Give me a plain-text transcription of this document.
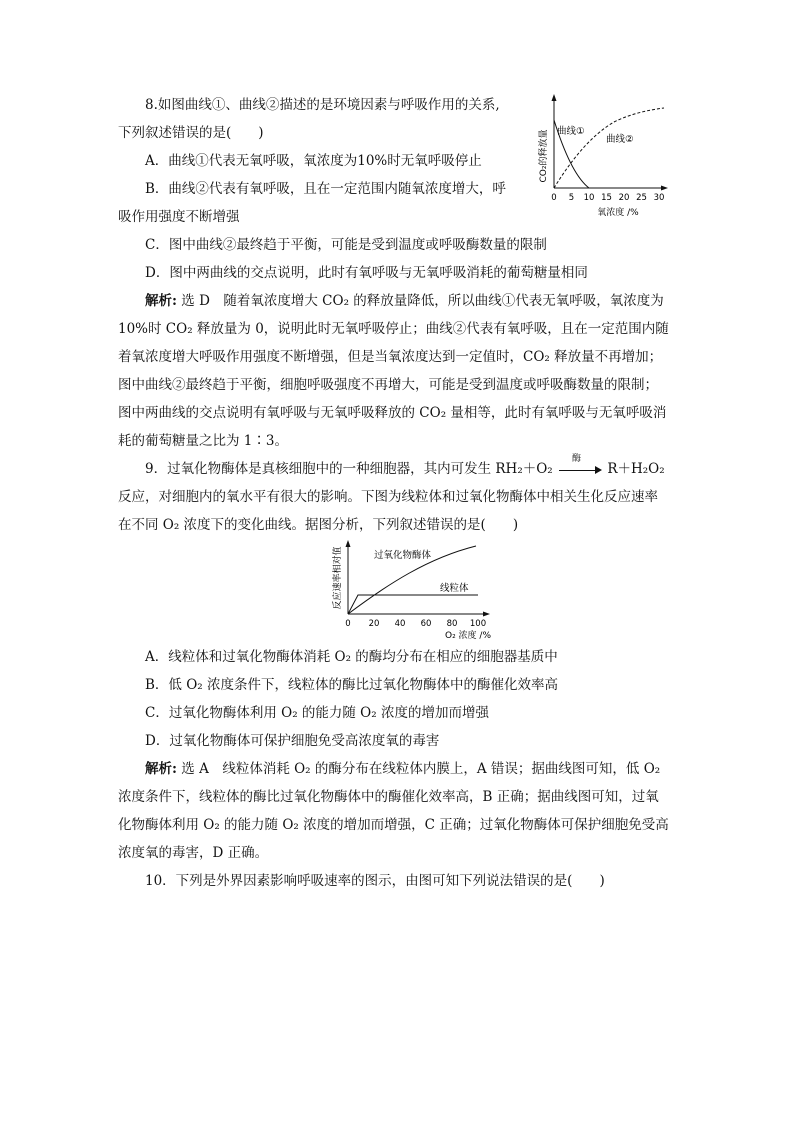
8.如图曲线①、曲线②描述的是环境因素与呼吸作用的关系,
下列叙述错误的是(　　)
A．曲线①代表无氧呼吸，氧浓度为10%时无氧呼吸停止
B．曲线②代表有氧呼吸，且在一定范围内随氧浓度增大，呼
吸作用强度不断增强
C．图中曲线②最终趋于平衡，可能是受到温度或呼吸酶数量的限制
D．图中两曲线的交点说明，此时有氧呼吸与无氧呼吸消耗的葡萄糖量相同
解析: 选 D　随着氧浓度增大 CO₂ 的释放量降低，所以曲线①代表无氧呼吸，氧浓度为
10%时 CO₂ 释放量为 0，说明此时无氧呼吸停止；曲线②代表有氧呼吸，且在一定范围内随
着氧浓度增大呼吸作用强度不断增强，但是当氧浓度达到一定值时，CO₂ 释放量不再增加；
图中曲线②最终趋于平衡，细胞呼吸强度不再增大，可能是受到温度或呼吸酶数量的限制；
图中两曲线的交点说明有氧呼吸与无氧呼吸释放的 CO₂ 量相等，此时有氧呼吸与无氧呼吸消
耗的葡萄糖量之比为 1∶3。
CO₂的释放量 曲线①
曲线②
0 5 10 15 20 25 30
氧浓度 /%
9．过氧化物酶体是真核细胞中的一种细胞器，其内可发生 RH₂＋O₂
酶
R＋H₂O₂
反应，对细胞内的氧水平有很大的影响。下图为线粒体和过氧化物酶体中相关生化反应速率
在不同 O₂ 浓度下的变化曲线。据图分析，下列叙述错误的是(　　)
反应速率相对值	过氧化物酶体
线粒体
0 20 40 60 80 100
O₂ 浓度 /%
A．线粒体和过氧化物酶体消耗 O₂ 的酶均分布在相应的细胞器基质中
B．低 O₂ 浓度条件下，线粒体的酶比过氧化物酶体中的酶催化效率高
C．过氧化物酶体利用 O₂ 的能力随 O₂ 浓度的增加而增强
D．过氧化物酶体可保护细胞免受高浓度氧的毒害
解析: 选 A　线粒体消耗 O₂ 的酶分布在线粒体内膜上，A 错误；据曲线图可知，低 O₂
浓度条件下，线粒体的酶比过氧化物酶体中的酶催化效率高，B 正确；据曲线图可知，过氧
化物酶体利用 O₂ 的能力随 O₂ 浓度的增加而增强，C 正确；过氧化物酶体可保护细胞免受高
浓度氧的毒害，D 正确。
10．下列是外界因素影响呼吸速率的图示，由图可知下列说法错误的是(　　)
